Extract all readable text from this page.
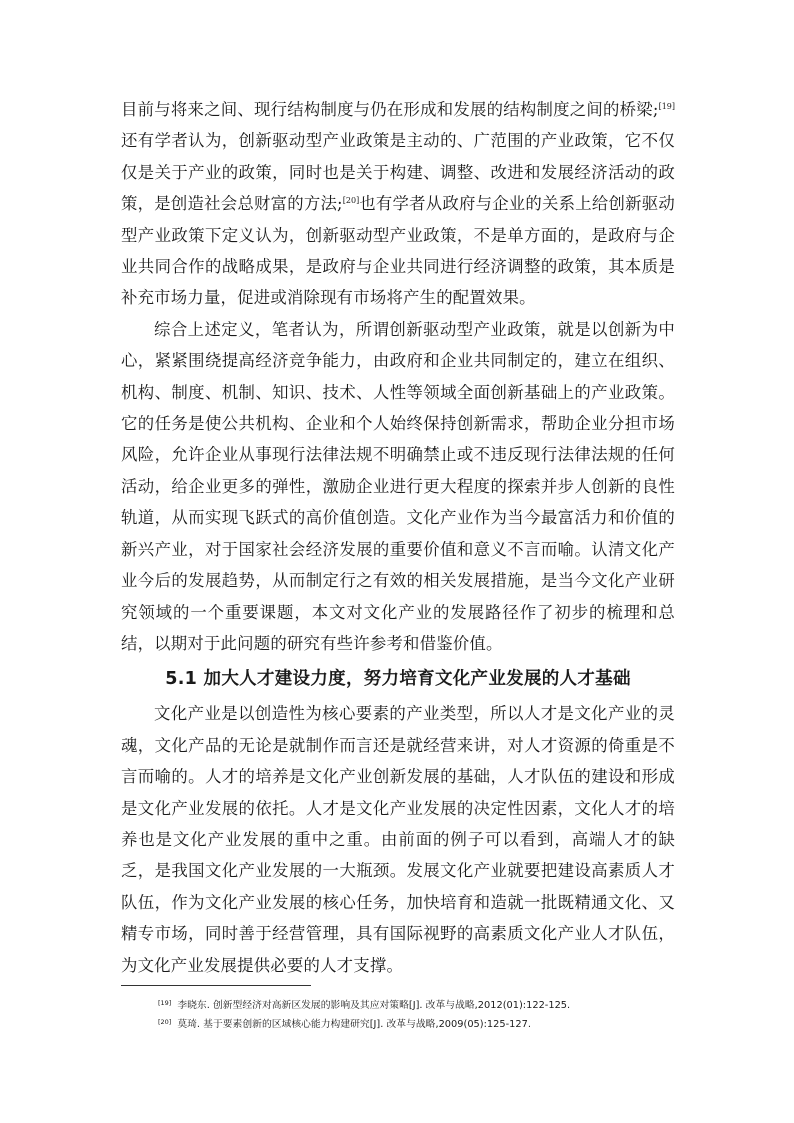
目前与将来之间、现行结构制度与仍在形成和发展的结构制度之间的桥梁;[19]还有学者认为，创新驱动型产业政策是主动的、广范围的产业政策，它不仅仅是关于产业的政策，同时也是关于构建、调整、改进和发展经济活动的政策，是创造社会总财富的方法;[20]也有学者从政府与企业的关系上给创新驱动型产业政策下定义认为，创新驱动型产业政策，不是单方面的，是政府与企业共同合作的战略成果，是政府与企业共同进行经济调整的政策，其本质是补充市场力量，促进或消除现有市场将产生的配置效果。

综合上述定义，笔者认为，所谓创新驱动型产业政策，就是以创新为中心，紧紧围绕提高经济竞争能力，由政府和企业共同制定的，建立在组织、机构、制度、机制、知识、技术、人性等领域全面创新基础上的产业政策。它的任务是使公共机构、企业和个人始终保持创新需求，帮助企业分担市场风险，允许企业从事现行法律法规不明确禁止或不违反现行法律法规的任何活动，给企业更多的弹性，激励企业进行更大程度的探索并步人创新的良性轨道，从而实现飞跃式的高价值创造。文化产业作为当今最富活力和价值的新兴产业，对于国家社会经济发展的重要价值和意义不言而喻。认清文化产业今后的发展趋势，从而制定行之有效的相关发展措施，是当今文化产业研究领域的一个重要课题，本文对文化产业的发展路径作了初步的梳理和总结，以期对于此问题的研究有些许参考和借鉴价值。

5.1 加大人才建设力度，努力培育文化产业发展的人才基础

文化产业是以创造性为核心要素的产业类型，所以人才是文化产业的灵魂，文化产品的无论是就制作而言还是就经营来讲，对人才资源的倚重是不言而喻的。人才的培养是文化产业创新发展的基础，人才队伍的建设和形成是文化产业发展的依托。人才是文化产业发展的决定性因素，文化人才的培养也是文化产业发展的重中之重。由前面的例子可以看到，高端人才的缺乏，是我国文化产业发展的一大瓶颈。发展文化产业就要把建设高素质人才队伍，作为文化产业发展的核心任务，加快培育和造就一批既精通文化、又精专市场，同时善于经营管理，具有国际视野的高素质文化产业人才队伍，为文化产业发展提供必要的人才支撑。

[19] 李晓东. 创新型经济对高新区发展的影响及其应对策略[J]. 改革与战略,2012(01):122-125.
[20] 莫琦. 基于要素创新的区域核心能力构建研究[J]. 改革与战略,2009(05):125-127.
